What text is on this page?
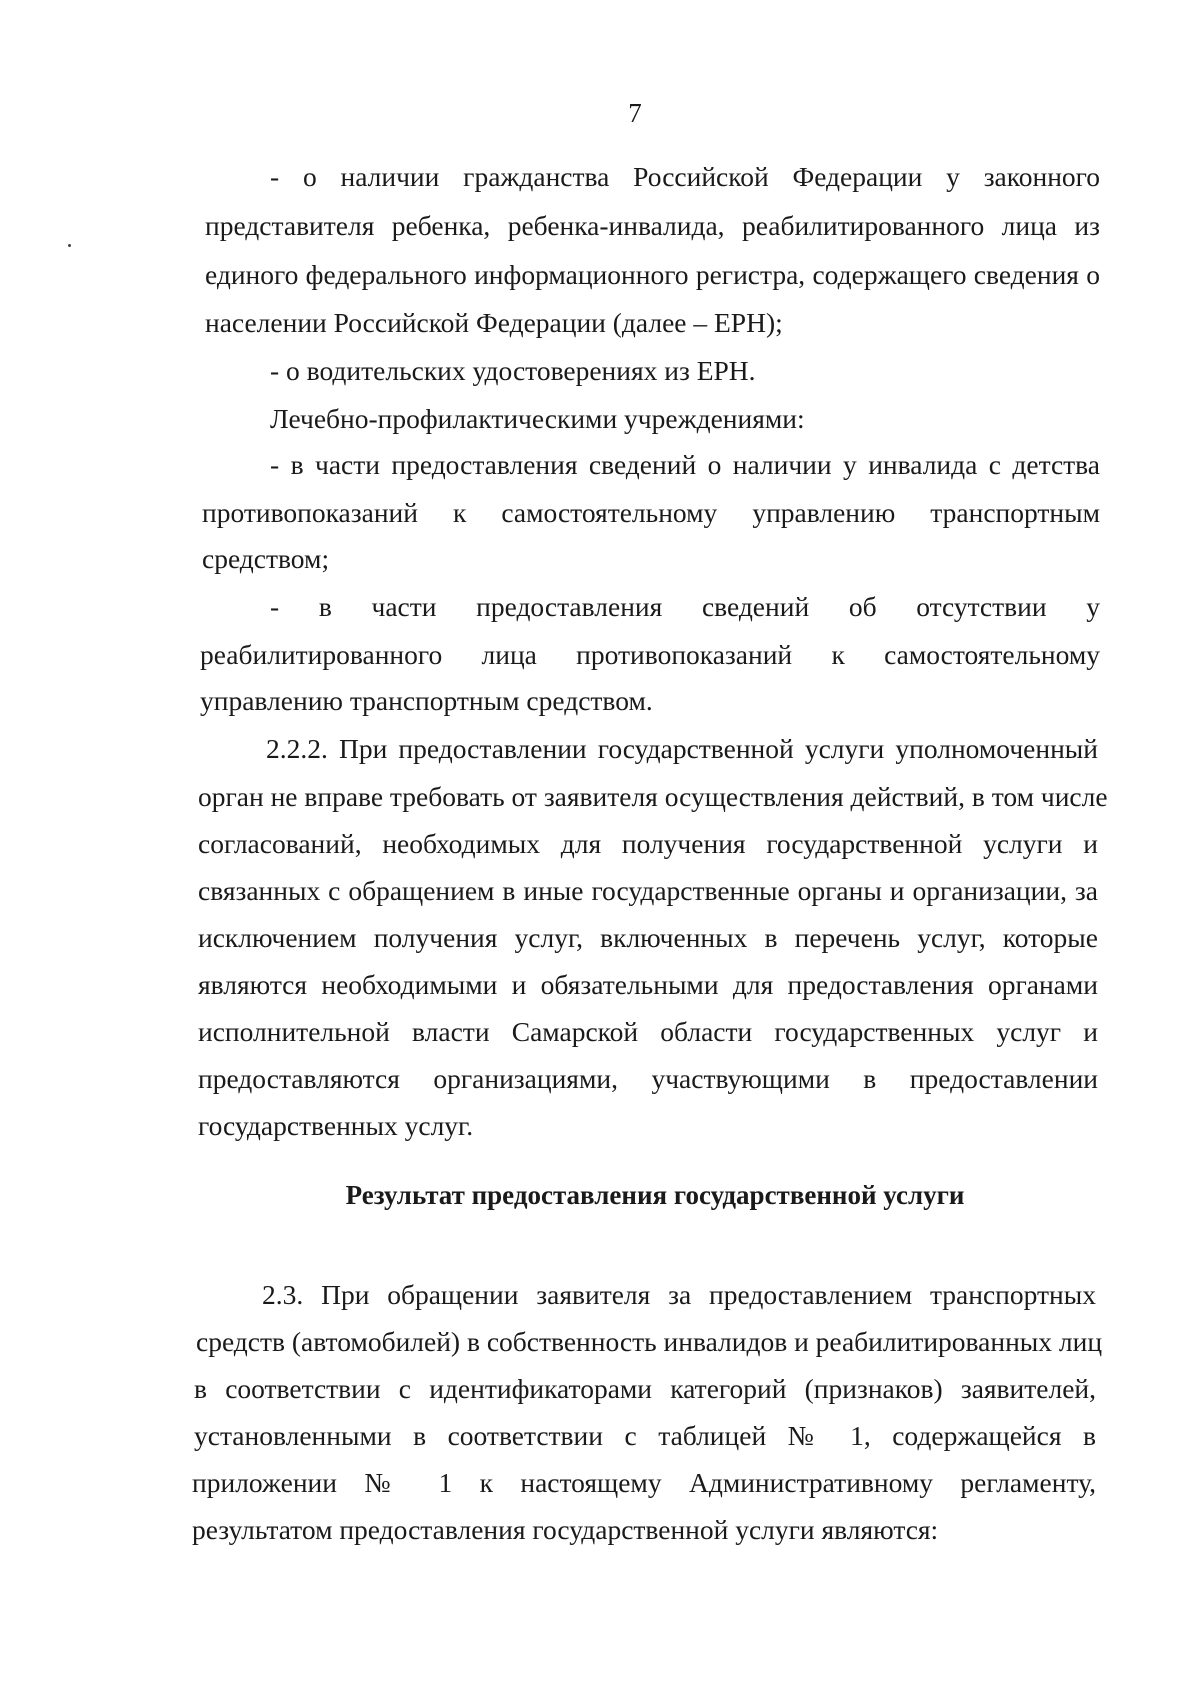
7
- о наличии гражданства Российской Федерации у законного
представителя ребенка, ребенка-инвалида, реабилитированного лица из
единого федерального информационного регистра, содержащего сведения о
населении Российской Федерации (далее – ЕРН);
- о водительских удостоверениях из ЕРН.
Лечебно-профилактическими учреждениями:
- в части предоставления сведений о наличии у инвалида с детства
противопоказаний к самостоятельному управлению транспортным
средством;
- в части предоставления сведений об отсутствии у
реабилитированного лица противопоказаний к самостоятельному
управлению транспортным средством.
2.2.2. При предоставлении государственной услуги уполномоченный
орган не вправе требовать от заявителя осуществления действий, в том числе
согласований, необходимых для получения государственной услуги и
связанных с обращением в иные государственные органы и организации, за
исключением получения услуг, включенных в перечень услуг, которые
являются необходимыми и обязательными для предоставления органами
исполнительной власти Самарской области государственных услуг и
предоставляются организациями, участвующими в предоставлении
государственных услуг.
Результат предоставления государственной услуги
2.3. При обращении заявителя за предоставлением транспортных
средств (автомобилей) в собственность инвалидов и реабилитированных лиц
в соответствии с идентификаторами категорий (признаков) заявителей,
установленными в соответствии с таблицей № 1, содержащейся в
приложении № 1 к настоящему Административному регламенту,
результатом предоставления государственной услуги являются:
